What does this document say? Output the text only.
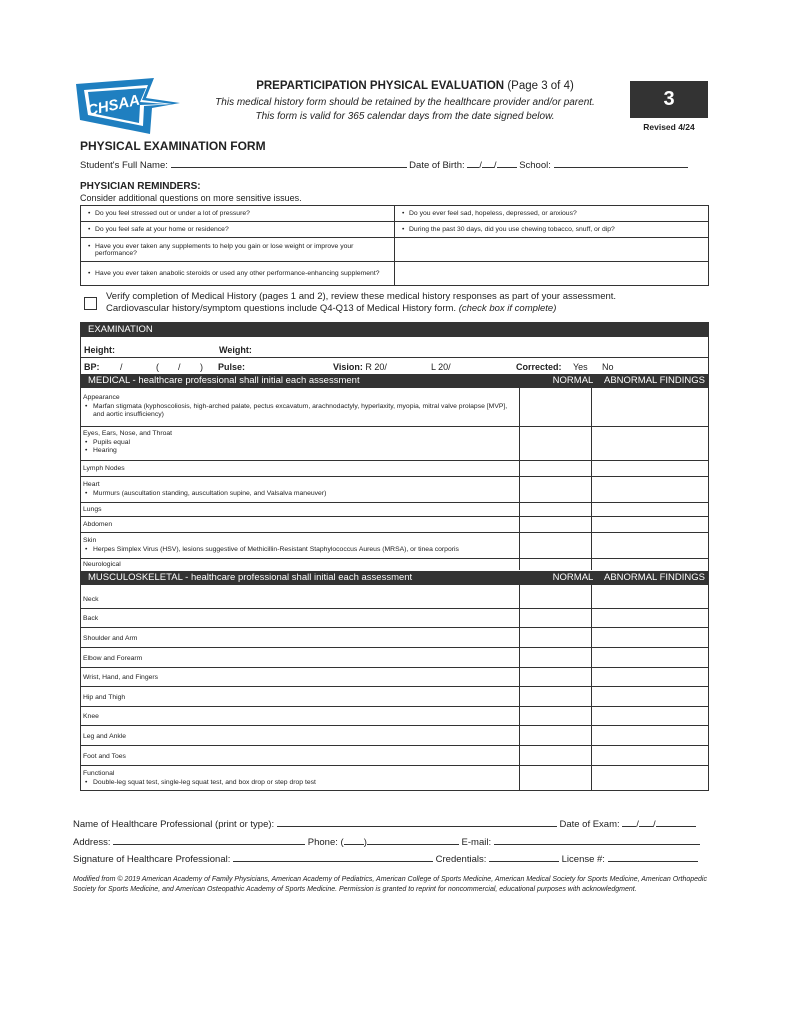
CHSAA
PREPARTICIPATION PHYSICAL EVALUATION (Page 3 of 4)
This medical history form should be retained by the healthcare provider and/or parent.
This form is valid for 365 calendar days from the date signed below.
3
Revised 4/24
PHYSICAL EXAMINATION FORM
Student's Full Name:	Date of Birth: / / School:
PHYSICIAN REMINDERS:
Consider additional questions on more sensitive issues.
• Do you feel stressed out or under a lot of pressure?	• Do you ever feel sad, hopeless, depressed, or anxious?

• Do you feel safe at your home or residence?	• During the past 30 days, did you use chewing tobacco, snuff, or dip?

• Have you ever taken any supplements to help you gain or lose weight or improve your performance?	

• Have you ever taken anabolic steroids or used any other performance-enhancing supplement?	
Verify completion of Medical History (pages 1 and 2), review these medical history responses as part of your assessment.
Cardiovascular history/symptom questions include Q4-Q13 of Medical History form. (check box if complete)
EXAMINATION
Height:	Weight:
BP: /	( / ) Pulse:	Vision: R 20/	L 20/	Corrected: Yes No
MEDICAL - healthcare professional shall initial each assessment	NORMAL	ABNORMAL FINDINGS
Appearance
• Marfan stigmata (kyphoscoliosis, high-arched palate, pectus excavatum, arachnodactyly, hyperlaxity, myopia, mitral valve prolapse [MVP], and aortic insufficiency)
Eyes, Ears, Nose, and Throat
• Pupils equal
• Hearing
Lymph Nodes
Heart
• Murmurs (auscultation standing, auscultation supine, and Valsalva maneuver)
Lungs
Abdomen
Skin
• Herpes Simplex Virus (HSV), lesions suggestive of Methicillin-Resistant Staphylococcus Aureus (MRSA), or tinea corporis
Neurological
MUSCULOSKELETAL - healthcare professional shall initial each assessment	NORMAL	ABNORMAL FINDINGS
Neck
Back
Shoulder and Arm
Elbow and Forearm
Wrist, Hand, and Fingers
Hip and Thigh
Knee
Leg and Ankle
Foot and Toes
Functional
• Double-leg squat test, single-leg squat test, and box drop or step drop test
Name of Healthcare Professional (print or type):	Date of Exam: / /
Address:	Phone: ( )	E-mail:
Signature of Healthcare Professional:	Credentials:	License #:
Modified from © 2019 American Academy of Family Physicians, American Academy of Pediatrics, American College of Sports Medicine, American Medical Society for Sports Medicine, American Orthopedic Society for Sports Medicine, and American Osteopathic Academy of Sports Medicine. Permission is granted to reprint for noncommercial, educational purposes with acknowledgment.
